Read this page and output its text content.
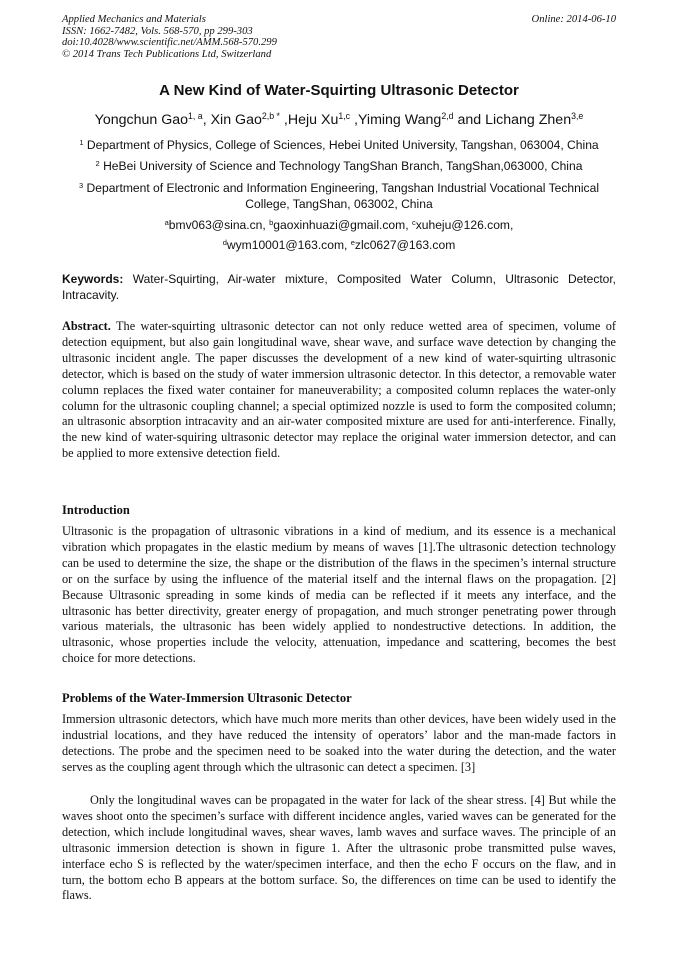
Applied Mechanics and Materials
ISSN: 1662-7482, Vols. 568-570, pp 299-303
doi:10.4028/www.scientific.net/AMM.568-570.299
© 2014 Trans Tech Publications Ltd, Switzerland
Online: 2014-06-10
A New Kind of Water-Squirting Ultrasonic Detector
Yongchun Gao$^{1, a}$, Xin Gao$^{2,b *}$ ,Heju Xu$^{1,c}$ ,Yiming Wang$^{2,d}$ and Lichang Zhen$^{3,e}$
$^1$ Department of Physics, College of Sciences, Hebei United University, Tangshan, 063004, China
$^2$ HeBei University of Science and Technology TangShan Branch, TangShan,063000, China
$^3$ Department of Electronic and Information Engineering, Tangshan Industrial Vocational Technical College, TangShan, 063002, China
$^a$bmv063@sina.cn, $^b$gaoxinhuazi@gmail.com, $^c$xuheju@126.com,
$^d$wym10001@163.com, $^e$zlc0627@163.com
Keywords: Water-Squirting, Air-water mixture, Composited Water Column, Ultrasonic Detector, Intracavity.
Abstract. The water-squirting ultrasonic detector can not only reduce wetted area of specimen, volume of detection equipment, but also gain longitudinal wave, shear wave, and surface wave detection by changing the ultrasonic incident angle. The paper discusses the development of a new kind of water-squirting ultrasonic detector, which is based on the study of water immersion ultrasonic detector. In this detector, a removable water column replaces the fixed water container for maneuverability; a composited column replaces the water-only column for the ultrasonic coupling channel; a special optimized nozzle is used to form the composited column; an ultrasonic absorption intracavity and an air-water composited mixture are used for anti-interference. Finally, the new kind of water-squiring ultrasonic detector may replace the original water immersion detector, and can be applied to more extensive detection field.
Introduction
Ultrasonic is the propagation of ultrasonic vibrations in a kind of medium, and its essence is a mechanical vibration which propagates in the elastic medium by means of waves [1].The ultrasonic detection technology can be used to determine the size, the shape or the distribution of the flaws in the specimen’s internal structure or on the surface by using the influence of the material itself and the internal flaws on the propagation. [2] Because Ultrasonic spreading in some kinds of media can be reflected if it meets any interface, and the ultrasonic has better directivity, greater energy of propagation, and much stronger penetrating power through various materials, the ultrasonic has been widely applied to nondestructive detections. In addition, the ultrasonic, whose properties include the velocity, attenuation, impedance and scattering, becomes the best choice for more detections.
Problems of the Water-Immersion Ultrasonic Detector
Immersion ultrasonic detectors, which have much more merits than other devices, have been widely used in the industrial locations, and they have reduced the intensity of operators’ labor and the man-made factors in detections. The probe and the specimen need to be soaked into the water during the detection, and the water serves as the coupling agent through which the ultrasonic can detect a specimen. [3]
Only the longitudinal waves can be propagated in the water for lack of the shear stress. [4] But while the waves shoot onto the specimen’s surface with different incidence angles, varied waves can be generated for the detection, which include longitudinal waves, shear waves, lamb waves and surface waves. The principle of an ultrasonic immersion detection is shown in figure 1. After the ultrasonic probe transmitted pulse waves, interface echo S is reflected by the water/specimen interface, and then the echo F occurs on the flaw, and in turn, the bottom echo B appears at the bottom surface. So, the differences on time can be used to identify the flaws.
